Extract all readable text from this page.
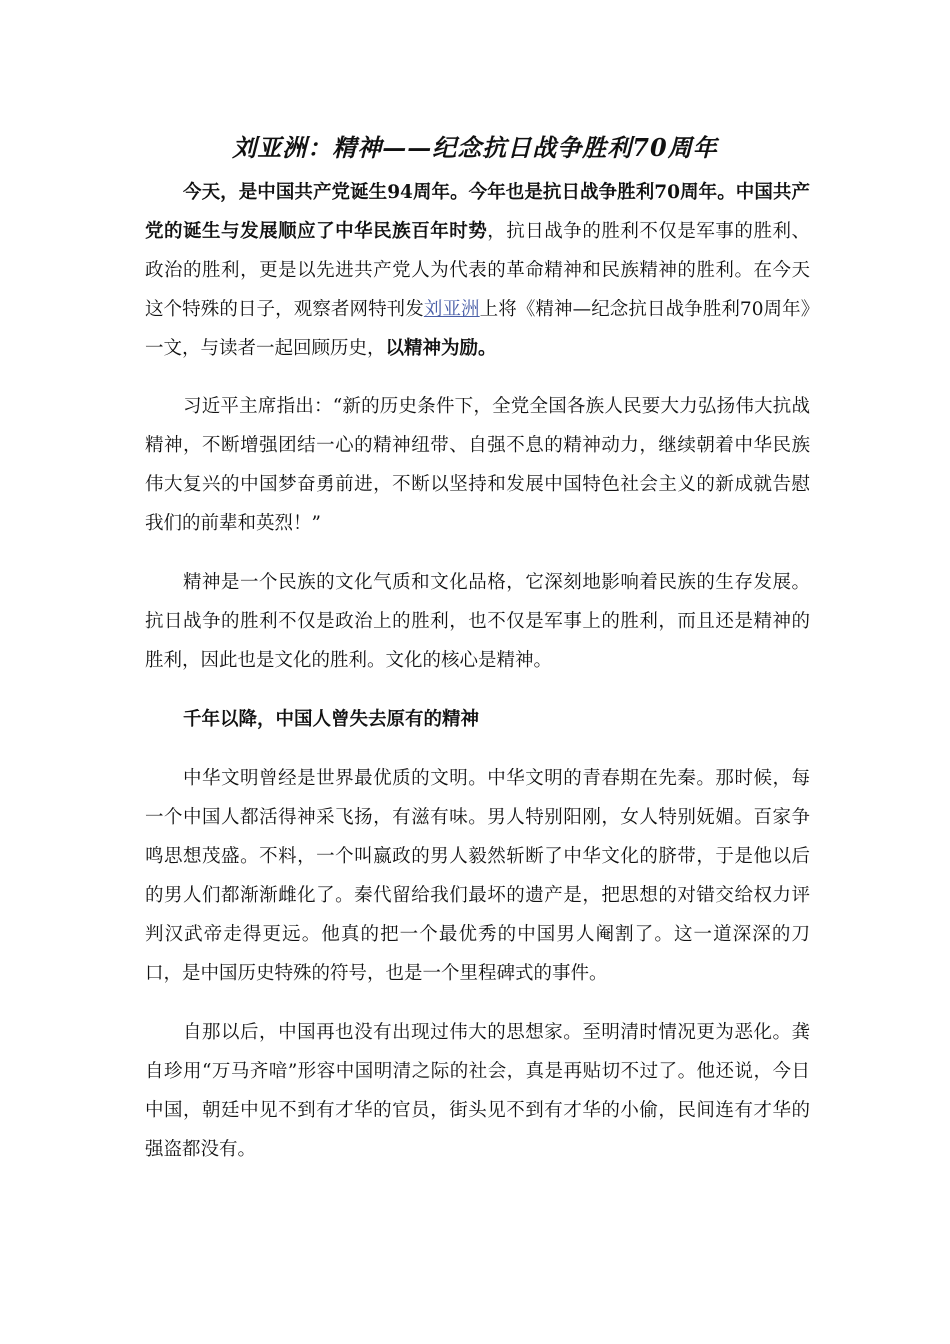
刘亚洲：精神——纪念抗日战争胜利70周年

今天，是中国共产党诞生94周年。今年也是抗日战争胜利70周年。中国共产党的诞生与发展顺应了中华民族百年时势，抗日战争的胜利不仅是军事的胜利、政治的胜利，更是以先进共产党人为代表的革命精神和民族精神的胜利。在今天这个特殊的日子，观察者网特刊发刘亚洲上将《精神—纪念抗日战争胜利70周年》一文，与读者一起回顾历史，以精神为励。

习近平主席指出：“新的历史条件下，全党全国各族人民要大力弘扬伟大抗战精神，不断增强团结一心的精神纽带、自强不息的精神动力，继续朝着中华民族伟大复兴的中国梦奋勇前进，不断以坚持和发展中国特色社会主义的新成就告慰我们的前辈和英烈！”

精神是一个民族的文化气质和文化品格，它深刻地影响着民族的生存发展。抗日战争的胜利不仅是政治上的胜利，也不仅是军事上的胜利，而且还是精神的胜利，因此也是文化的胜利。文化的核心是精神。

千年以降，中国人曾失去原有的精神

中华文明曾经是世界最优质的文明。中华文明的青春期在先秦。那时候，每一个中国人都活得神采飞扬，有滋有味。男人特别阳刚，女人特别妩媚。百家争鸣思想茂盛。不料，一个叫嬴政的男人毅然斩断了中华文化的脐带，于是他以后的男人们都渐渐雌化了。秦代留给我们最坏的遗产是，把思想的对错交给权力评判汉武帝走得更远。他真的把一个最优秀的中国男人阉割了。这一道深深的刀口，是中国历史特殊的符号，也是一个里程碑式的事件。

自那以后，中国再也没有出现过伟大的思想家。至明清时情况更为恶化。龚自珍用“万马齐喑”形容中国明清之际的社会，真是再贴切不过了。他还说，今日中国，朝廷中见不到有才华的官员，街头见不到有才华的小偷，民间连有才华的强盗都没有。
